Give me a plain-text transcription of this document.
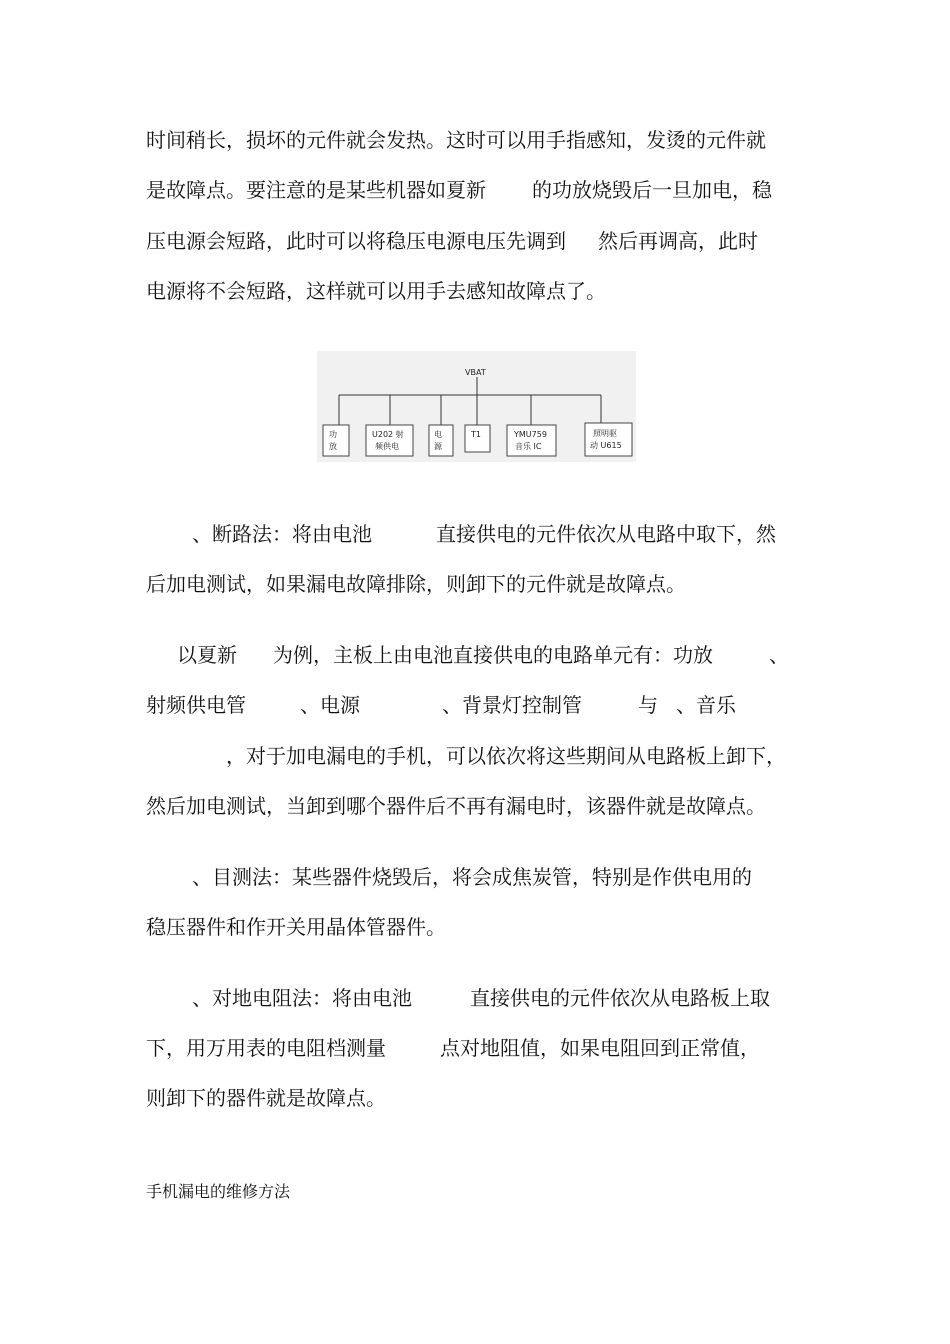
时间稍长，损坏的元件就会发热。这时可以用手指感知，发烫的元件就
是故障点。要注意的是某些机器如夏新 的功放烧毁后一旦加电，稳
压电源会短路，此时可以将稳压电源电压先调到 然后再调高，此时
电源将不会短路，这样就可以用手去感知故障点了。
VBAT
功
放
U202 射
频供电
电
源
T1	YMU759
音乐 IC
照明驱
动 U615
、断路法：将由电池	直接供电的元件依次从电路中取下，然
后加电测试，如果漏电故障排除，则卸下的元件就是故障点。
以夏新 为例，主板上由电池直接供电的电路单元有：功放	、
射频供电管	、电源	、背景灯控制管	与 、音乐
，对于加电漏电的手机，可以依次将这些期间从电路板上卸下，
然后加电测试，当卸到哪个器件后不再有漏电时，该器件就是故障点。
、目测法：某些器件烧毁后，将会成焦炭管，特别是作供电用的
稳压器件和作开关用晶体管器件。
、对地电阻法：将由电池	直接供电的元件依次从电路板上取
下，用万用表的电阻档测量	点对地阻值，如果电阻回到正常值，
则卸下的器件就是故障点。
手机漏电的维修方法
